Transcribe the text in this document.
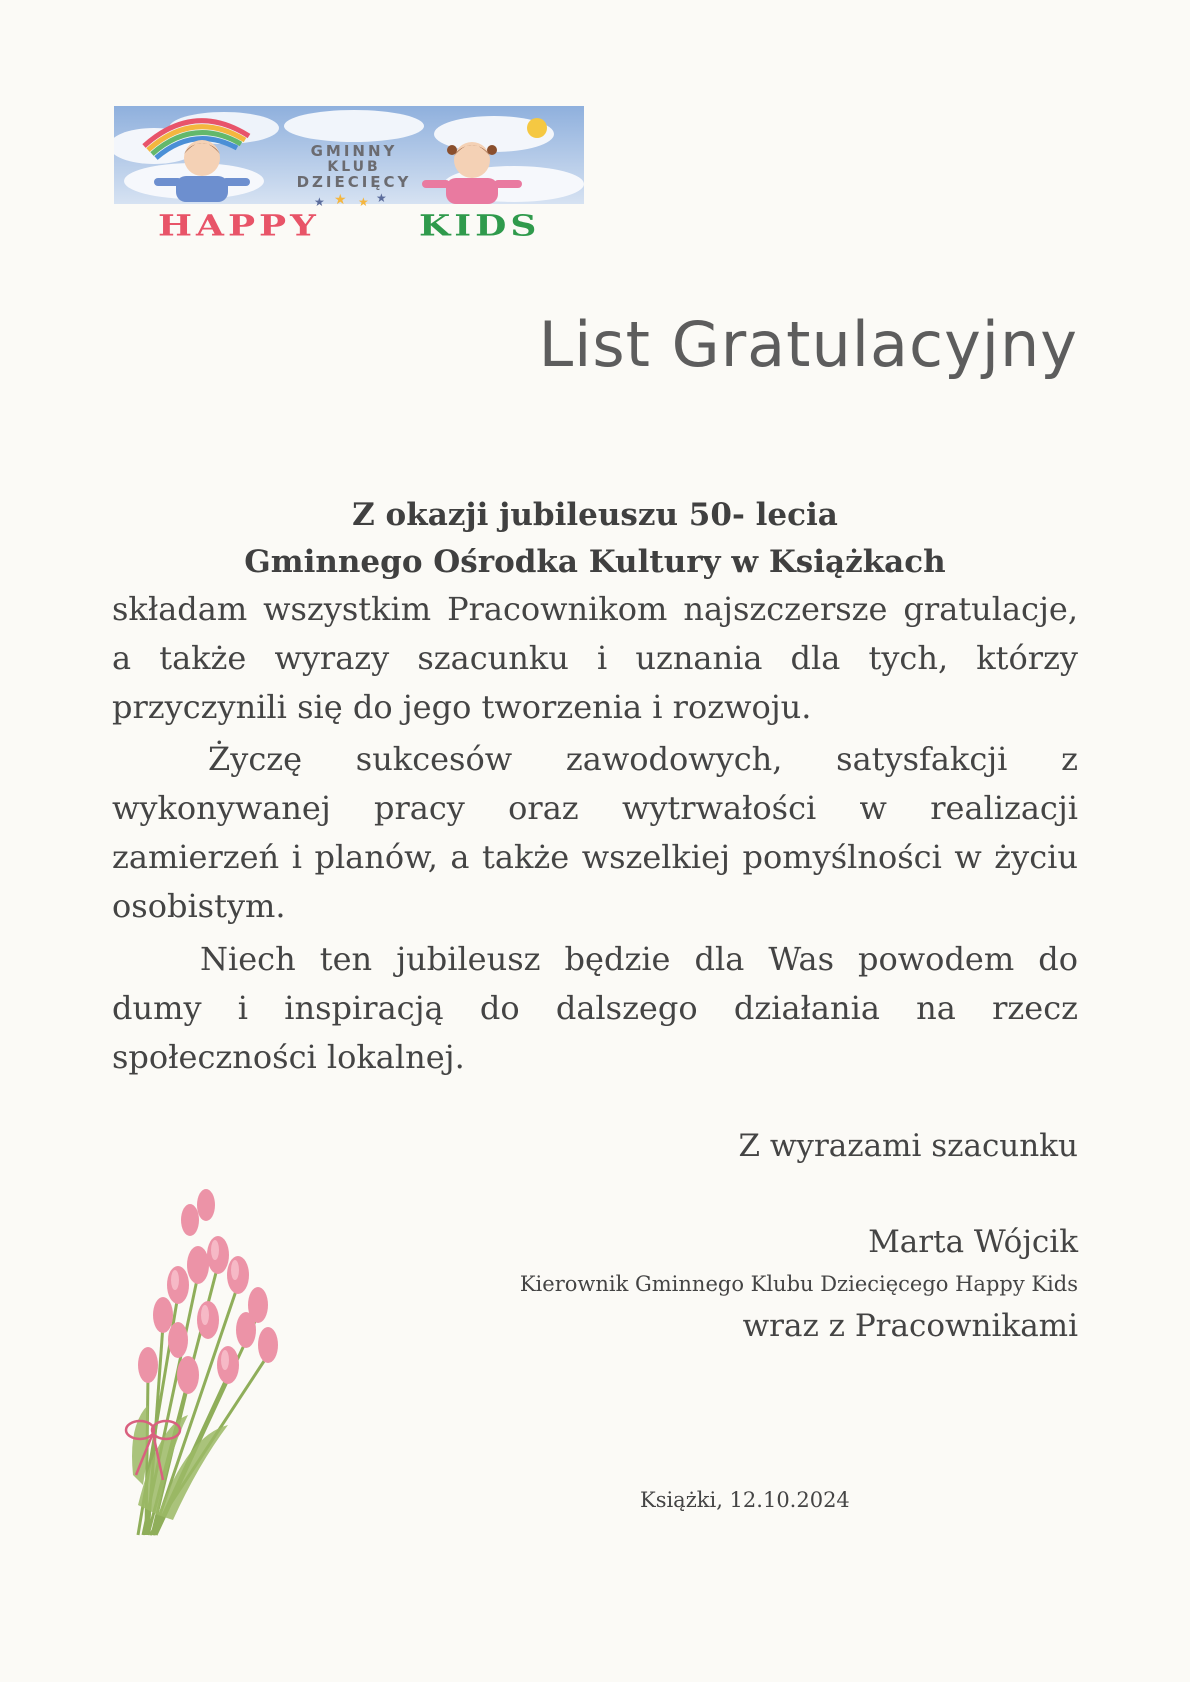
★ ★ ★ ★
GMINNY
KLUB
DZIECIĘCY
HAPPY	KIDS
List Gratulacyjny
Z okazji jubileuszu 50- lecia
Gminnego Ośrodka Kultury w Książkach
składam wszystkim Pracownikom najszczersze gratulacje, a także wyrazy szacunku i uznania dla tych, którzy przyczynili się do jego tworzenia i rozwoju.
Życzę sukcesów zawodowych, satysfakcji z wykonywanej pracy oraz wytrwałości w realizacji zamierzeń i planów, a także wszelkiej pomyślności w życiu osobistym.
Niech ten jubileusz będzie dla Was powodem do dumy i inspiracją do dalszego działania na rzecz społeczności lokalnej.
Z wyrazami szacunku
Marta Wójcik
Kierownik Gminnego Klubu Dziecięcego Happy Kids
wraz z Pracownikami
Książki, 12.10.2024
